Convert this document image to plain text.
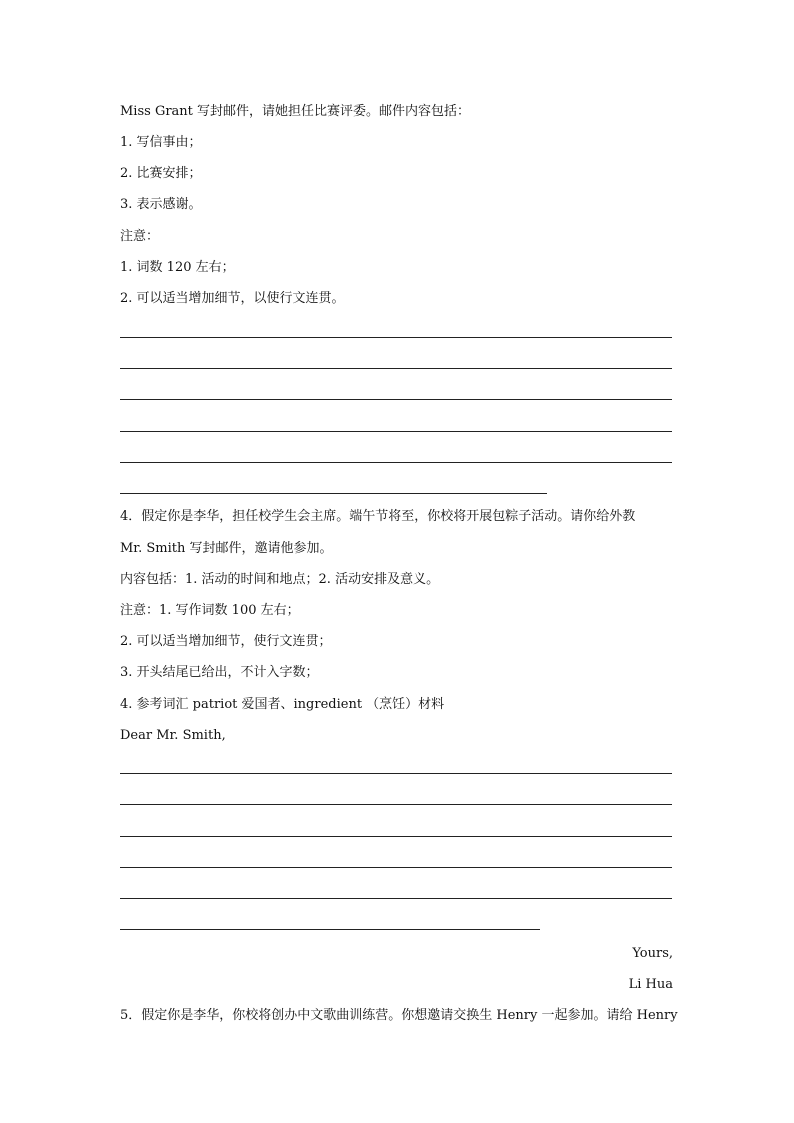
Miss Grant 写封邮件，请她担任比赛评委。邮件内容包括：
1. 写信事由；
2. 比赛安排；
3. 表示感谢。
注意：
1. 词数 120 左右；
2. 可以适当增加细节，以使行文连贯。
4．假定你是李华，担任校学生会主席。端午节将至，你校将开展包粽子活动。请你给外教
Mr. Smith 写封邮件，邀请他参加。
内容包括：1. 活动的时间和地点；2. 活动安排及意义。
注意：1. 写作词数 100 左右；
2. 可以适当增加细节，使行文连贯；
3. 开头结尾已给出，不计入字数；
4. 参考词汇 patriot 爱国者、ingredient （烹饪）材料
Dear Mr. Smith,
Yours,
Li Hua
5．假定你是李华，你校将创办中文歌曲训练营。你想邀请交换生 Henry 一起参加。请给 Henry
